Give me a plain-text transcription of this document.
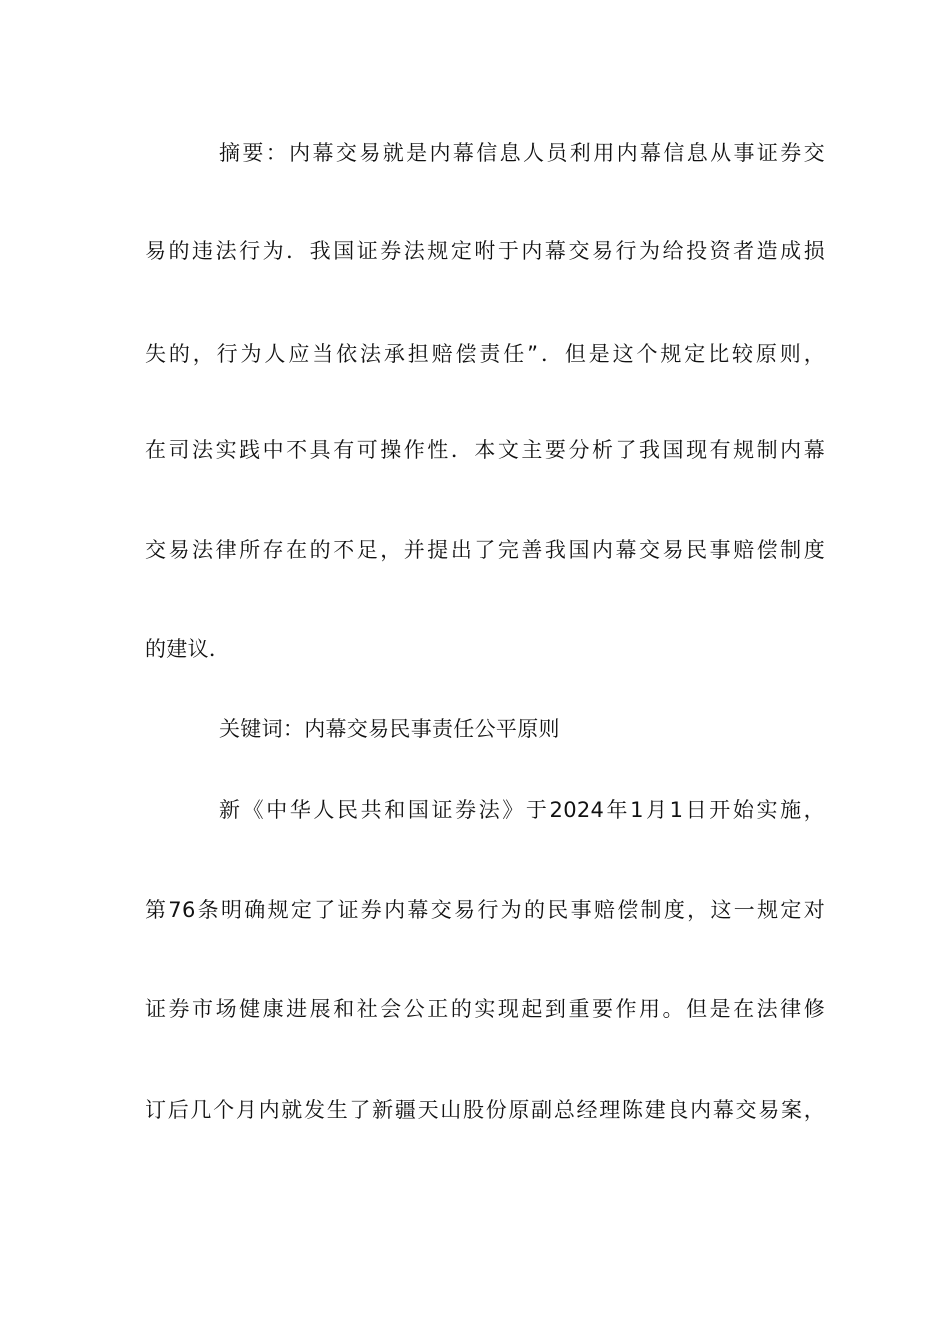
摘要：内幕交易就是内幕信息人员利用内幕信息从事证券交
易的违法行为．我国证券法规定咐于内幕交易行为给投资者造成损
失的，行为人应当依法承担赔偿责任”．但是这个规定比较原则，
在司法实践中不具有可操作性．本文主要分析了我国现有规制内幕
交易法律所存在的不足，并提出了完善我国内幕交易民事赔偿制度
的建议．
关键词：内幕交易民事责任公平原则
新《中华人民共和国证券法》于2024年1月1日开始实施，
第76条明确规定了证券内幕交易行为的民事赔偿制度，这一规定对
证券市场健康进展和社会公正的实现起到重要作用。但是在法律修
订后几个月内就发生了新疆天山股份原副总经理陈建良内幕交易案，
